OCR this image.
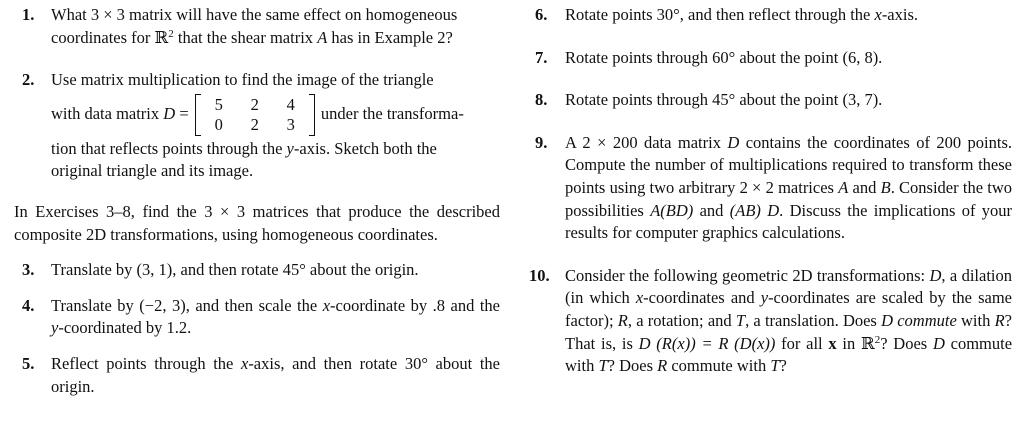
1. What 3 × 3 matrix will have the same effect on homogeneous
coordinates for ℝ$^2$ that the shear matrix A has in Example 2?
2. Use matrix multiplication to find the image of the triangle
with data matrix D =
5	2	4
0	2	3
under the transforma-
tion that reflects points through the y-axis. Sketch both the
original triangle and its image.
In Exercises 3–8, find the 3 × 3 matrices that produce the described composite 2D transformations, using homogeneous coordinates.
3. Translate by (3, 1), and then rotate 45° about the origin.
4. Translate by (−2, 3), and then scale the x-coordinate by .8 and the y-coordinated by 1.2.
5. Reflect points through the x-axis, and then rotate 30° about the origin.
6. Rotate points 30°, and then reflect through the x-axis.
7. Rotate points through 60° about the point (6, 8).
8. Rotate points through 45° about the point (3, 7).
9. A 2 × 200 data matrix D contains the coordinates of 200 points. Compute the number of multiplications required to transform these points using two arbitrary 2 × 2 matrices A and B. Consider the two possibilities A(BD) and (AB) D. Discuss the implications of your results for computer graphics calculations.
10. Consider the following geometric 2D transformations: D, a dilation (in which x-coordinates and y-coordinates are scaled by the same factor); R, a rotation; and T, a translation. Does D commute with R? That is, is D (R(x)) = R (D(x)) for all x in ℝ$^2$? Does D commute with T? Does R commute with T?
